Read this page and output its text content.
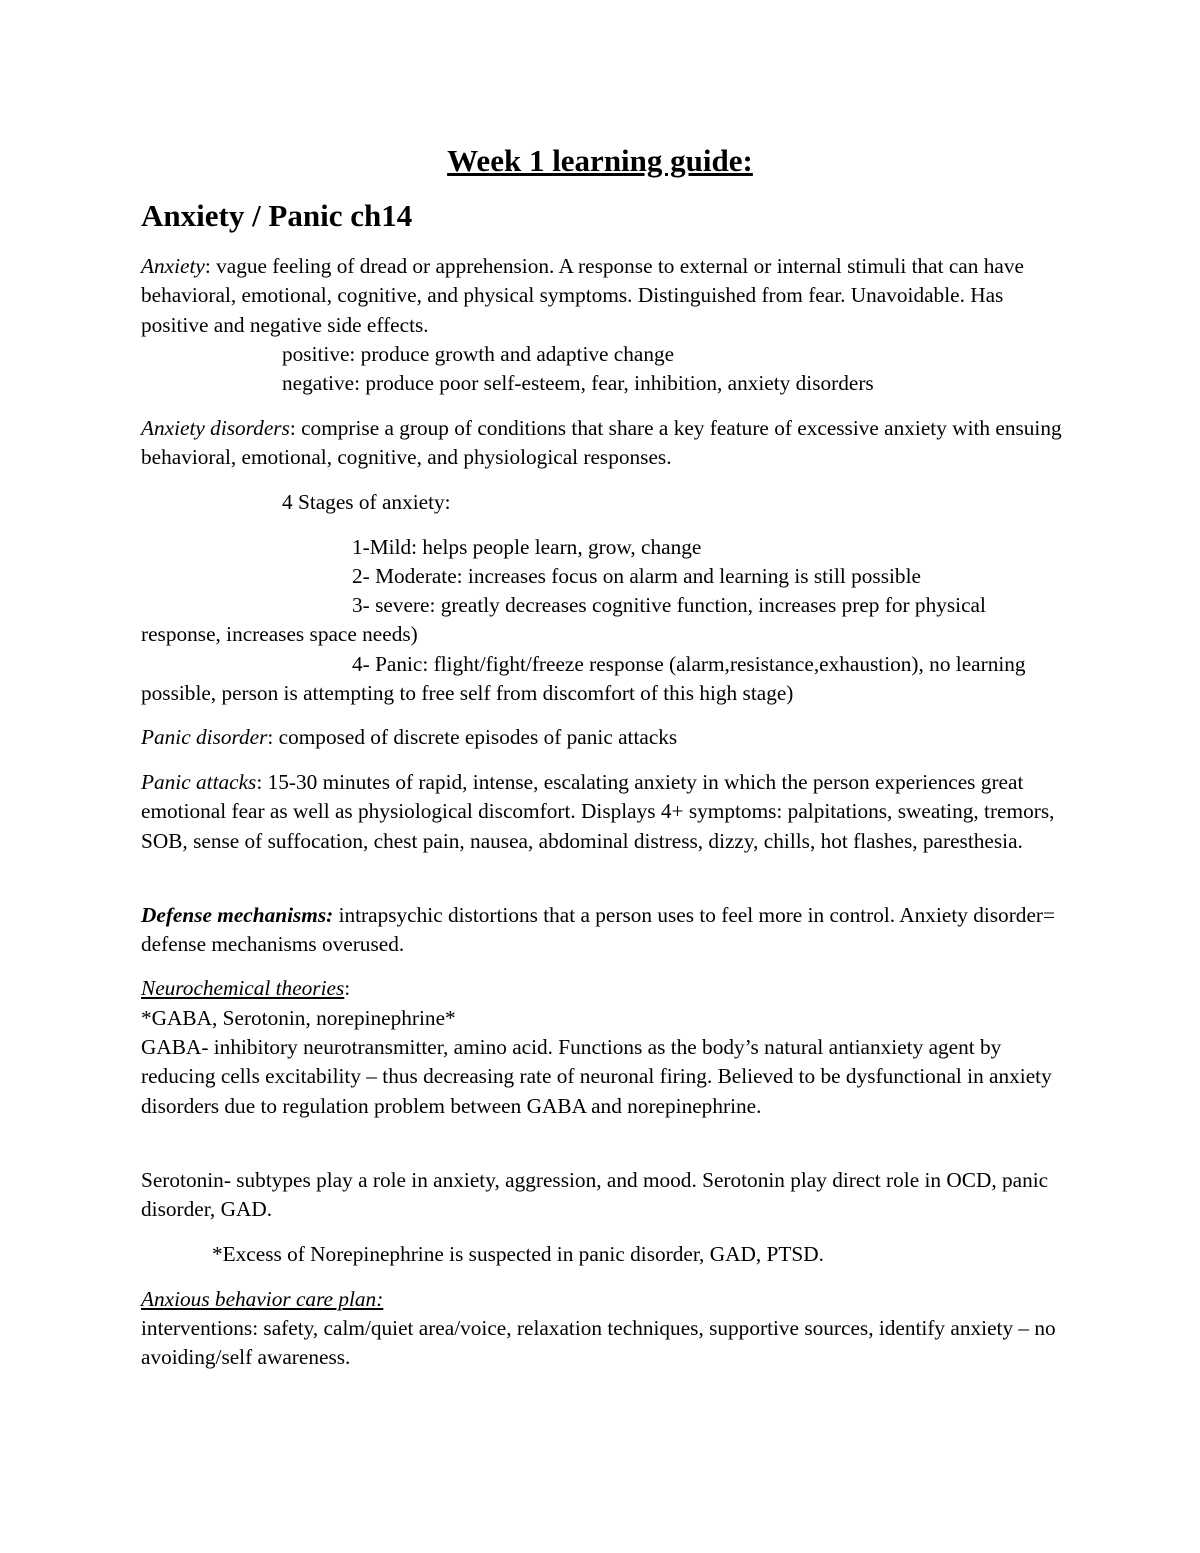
Week 1 learning guide:
Anxiety / Panic ch14

Anxiety: vague feeling of dread or apprehension. A response to external or internal stimuli that can have behavioral, emotional, cognitive, and physical symptoms. Distinguished from fear. Unavoidable. Has positive and negative side effects.

positive: produce growth and adaptive change

negative: produce poor self-esteem, fear, inhibition, anxiety disorders

Anxiety disorders: comprise a group of conditions that share a key feature of excessive anxiety with ensuing behavioral, emotional, cognitive, and physiological responses.

4 Stages of anxiety:

1-Mild: helps people learn, grow, change

2- Moderate: increases focus on alarm and learning is still possible

3- severe: greatly decreases cognitive function, increases prep for physical response, increases space needs)

4- Panic: flight/fight/freeze response (alarm,resistance,exhaustion), no learning possible, person is attempting to free self from discomfort of this high stage)

Panic disorder: composed of discrete episodes of panic attacks

Panic attacks: 15-30 minutes of rapid, intense, escalating anxiety in which the person experiences great emotional fear as well as physiological discomfort. Displays 4+ symptoms: palpitations, sweating, tremors, SOB, sense of suffocation, chest pain, nausea, abdominal distress, dizzy, chills, hot flashes, paresthesia.

Defense mechanisms: intrapsychic distortions that a person uses to feel more in control. Anxiety disorder= defense mechanisms overused.

Neurochemical theories:

*GABA, Serotonin, norepinephrine*

GABA- inhibitory neurotransmitter, amino acid. Functions as the body’s natural antianxiety agent by reducing cells excitability – thus decreasing rate of neuronal firing. Believed to be dysfunctional in anxiety disorders due to regulation problem between GABA and norepinephrine.

Serotonin- subtypes play a role in anxiety, aggression, and mood. Serotonin play direct role in OCD, panic disorder, GAD.

*Excess of Norepinephrine is suspected in panic disorder, GAD, PTSD.

Anxious behavior care plan:

interventions: safety, calm/quiet area/voice, relaxation techniques, supportive sources, identify anxiety – no avoiding/self awareness.
